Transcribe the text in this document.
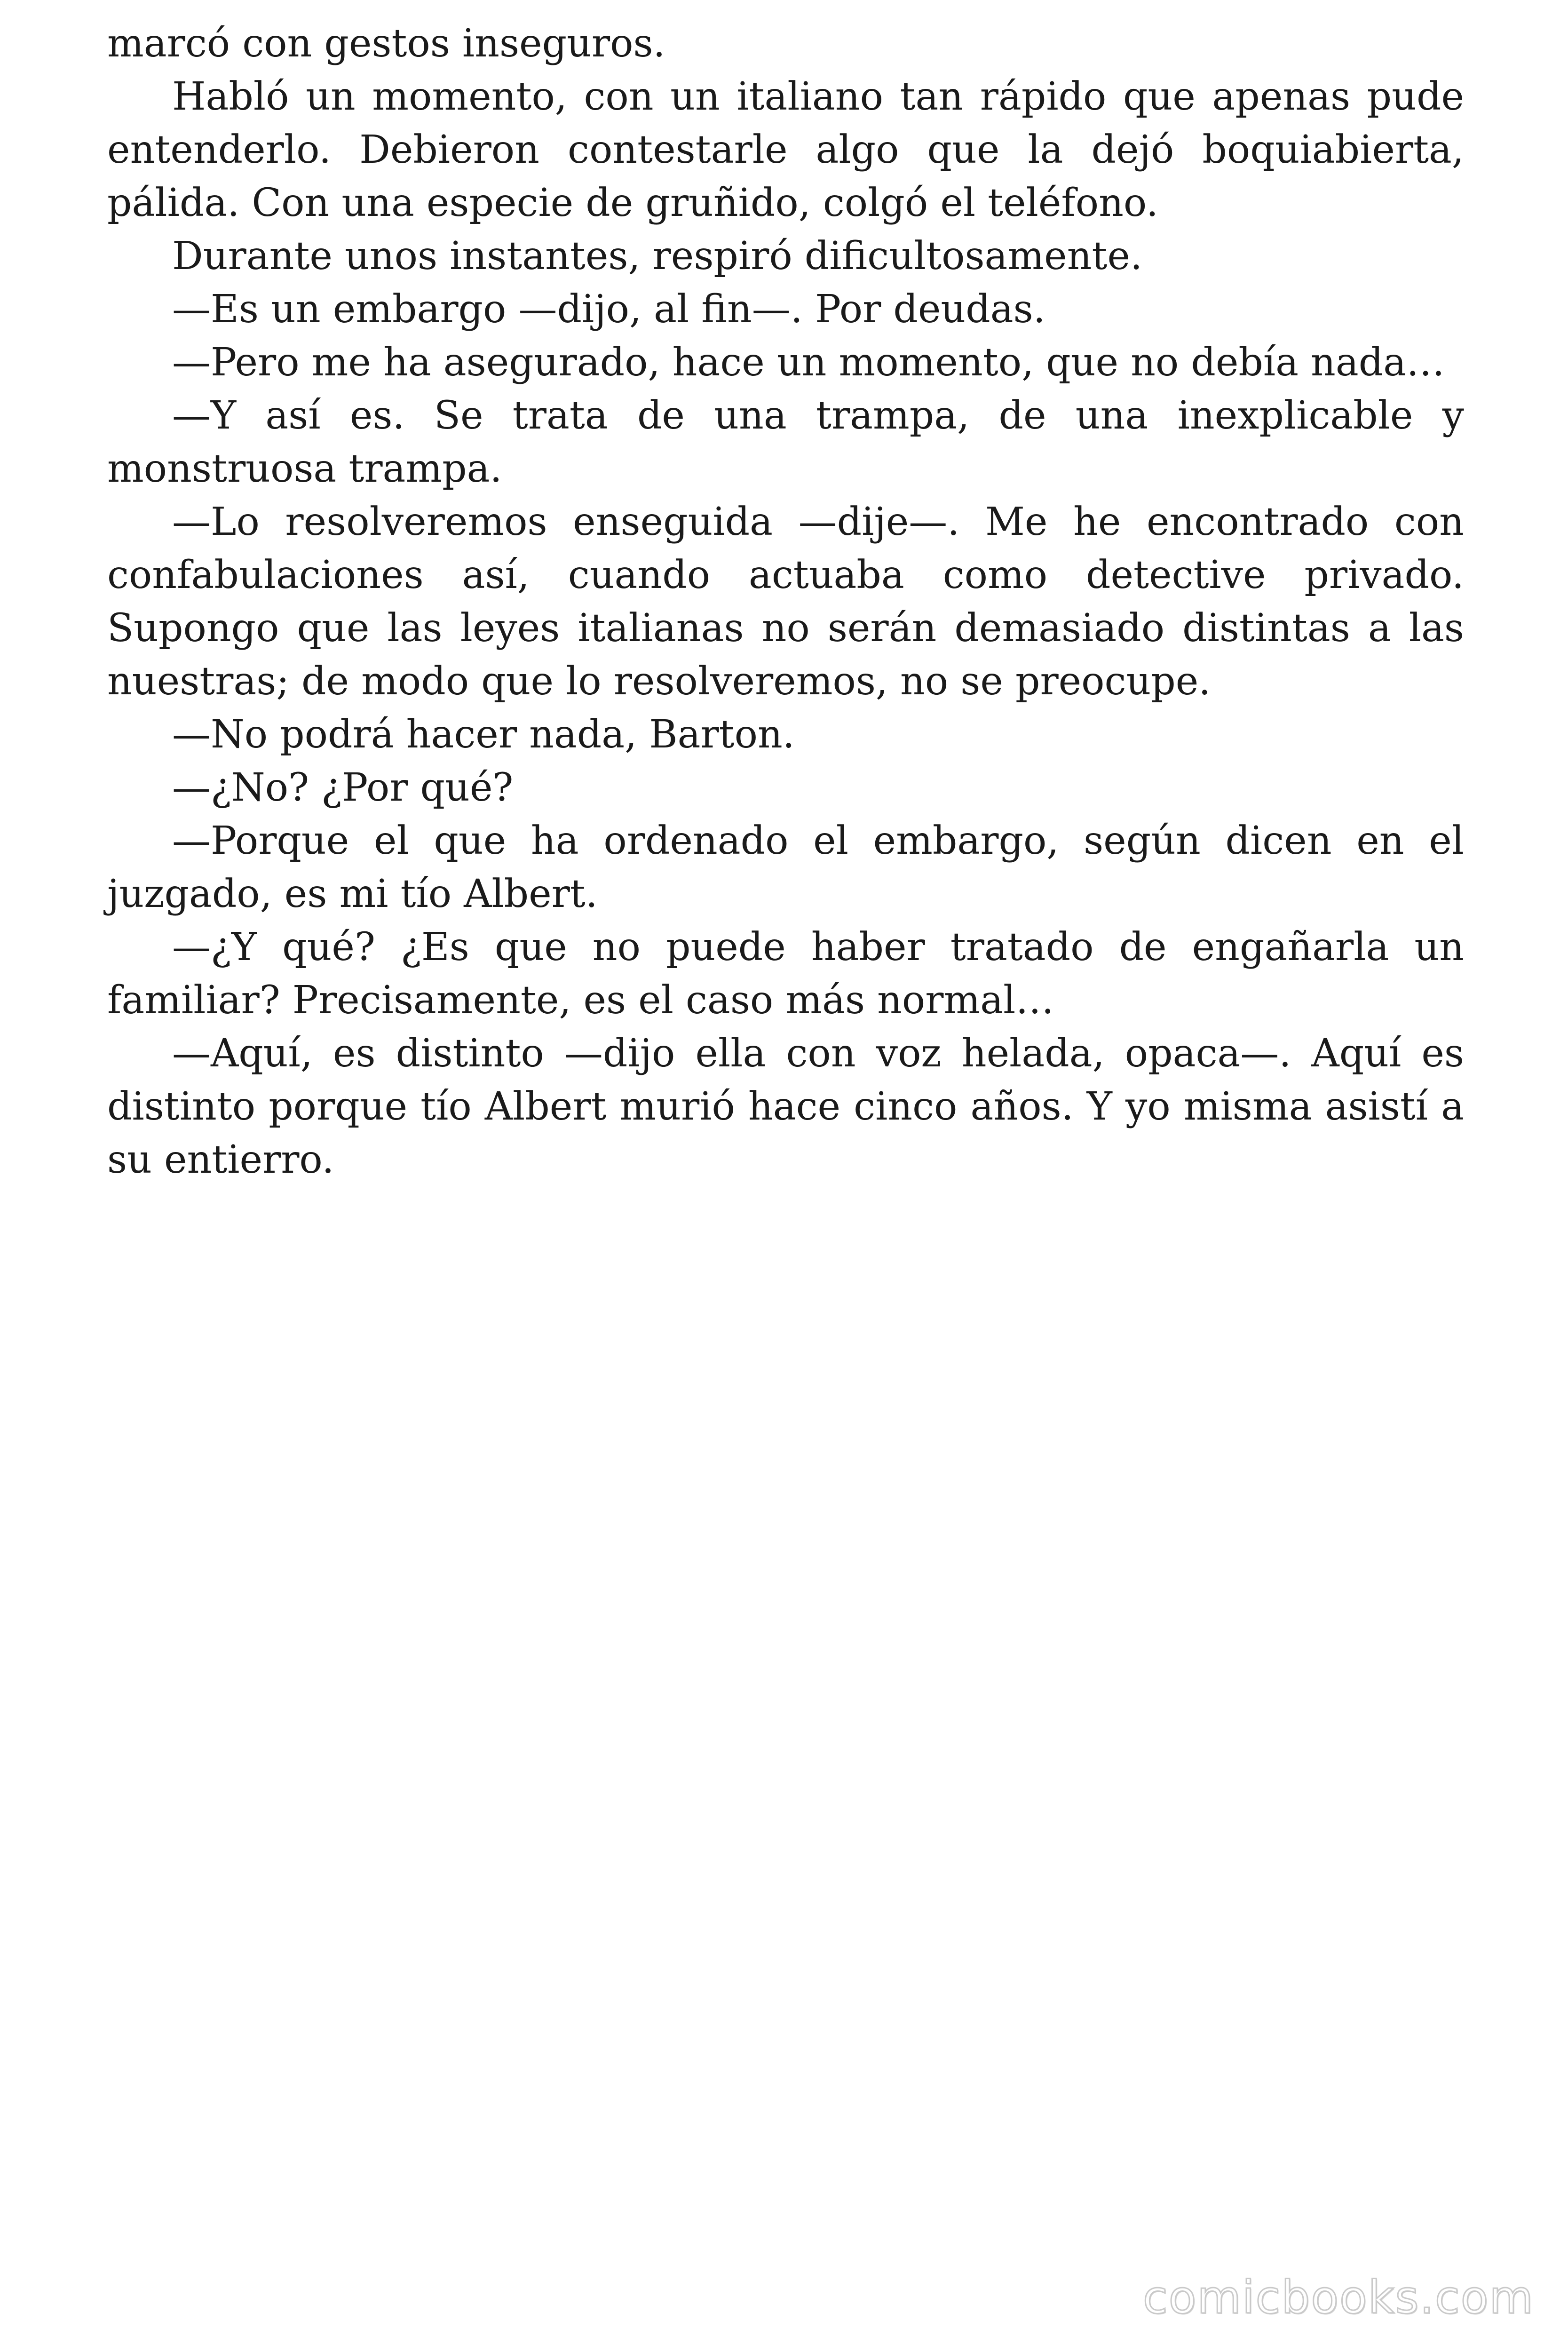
marcó con gestos inseguros.

Habló un momento, con un italiano tan rápido que apenas pude entenderlo. Debieron contestarle algo que la dejó boquiabierta, pálida. Con una especie de gruñido, colgó el teléfono.

Durante unos instantes, respiró dificultosamente.

—Es un embargo —dijo, al fin—. Por deudas.

—Pero me ha asegurado, hace un momento, que no debía nada…

—Y así es. Se trata de una trampa, de una inexplicable y monstruosa trampa.

—Lo resolveremos enseguida —dije—. Me he encontrado con confabulaciones así, cuando actuaba como detective privado. Supongo que las leyes italianas no serán demasiado distintas a las nuestras; de modo que lo resolveremos, no se preocupe.

—No podrá hacer nada, Barton.

—¿No? ¿Por qué?

—Porque el que ha ordenado el embargo, según dicen en el juzgado, es mi tío Albert.

—¿Y qué? ¿Es que no puede haber tratado de engañarla un familiar? Precisamente, es el caso más normal…

—Aquí, es distinto —dijo ella con voz helada, opaca—. Aquí es distinto porque tío Albert murió hace cinco años. Y yo misma asistí a su entierro.

comicbooks.com
